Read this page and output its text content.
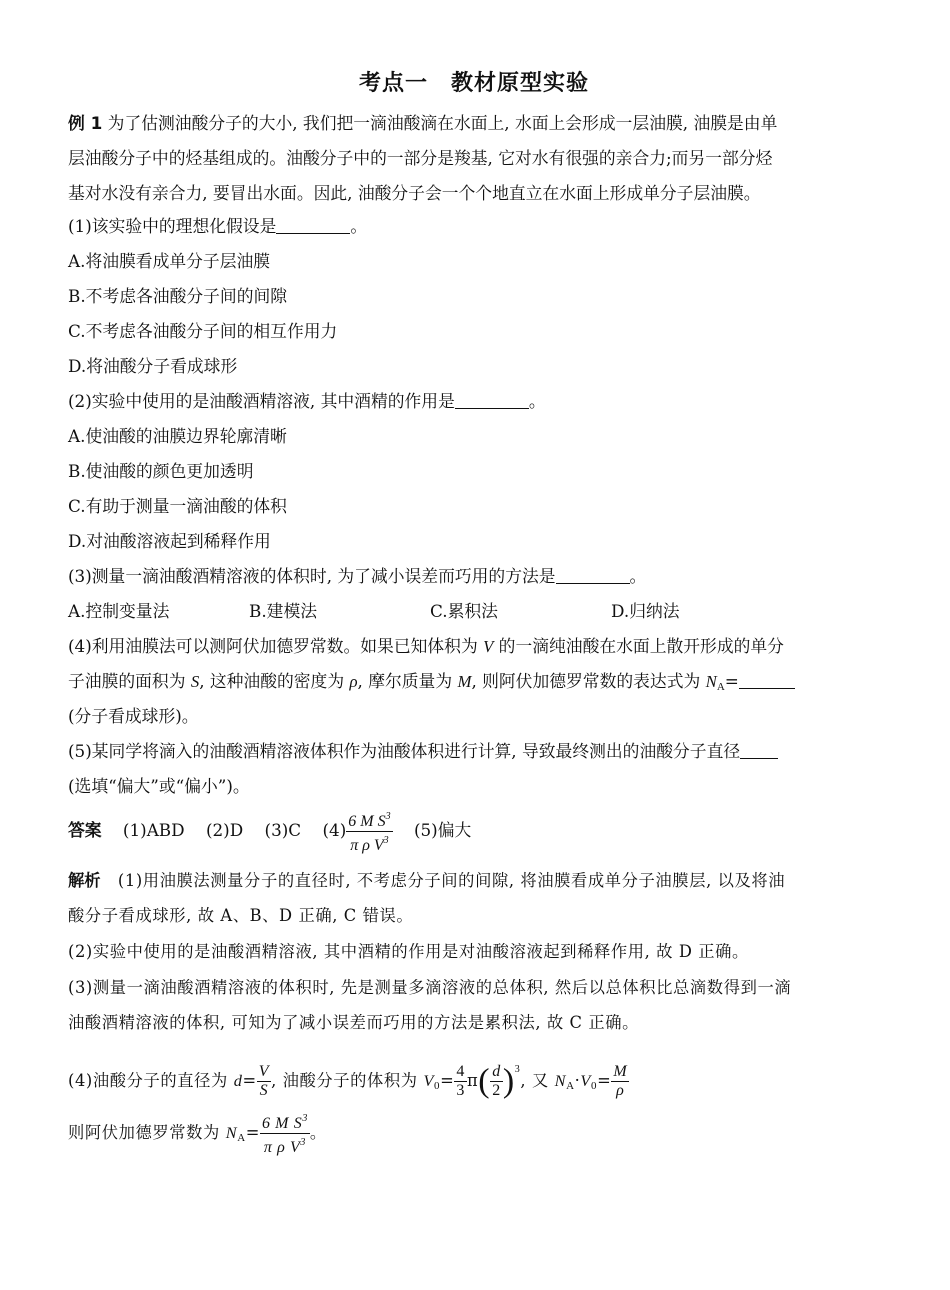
考点一　教材原型实验
例 1 为了估测油酸分子的大小, 我们把一滴油酸滴在水面上, 水面上会形成一层油膜, 油膜是由单
层油酸分子中的烃基组成的。油酸分子中的一部分是羧基, 它对水有很强的亲合力;而另一部分烃
基对水没有亲合力, 要冒出水面。因此, 油酸分子会一个个地直立在水面上形成单分子层油膜。
(1)该实验中的理想化假设是	。
A.将油膜看成单分子层油膜
B.不考虑各油酸分子间的间隙
C.不考虑各油酸分子间的相互作用力
D.将油酸分子看成球形
(2)实验中使用的是油酸酒精溶液, 其中酒精的作用是	。
A.使油酸的油膜边界轮廓清晰
B.使油酸的颜色更加透明
C.有助于测量一滴油酸的体积
D.对油酸溶液起到稀释作用
(3)测量一滴油酸酒精溶液的体积时, 为了减小误差而巧用的方法是	。
A.控制变量法	B.建模法	C.累积法	D.归纳法
(4)利用油膜法可以测阿伏加德罗常数。如果已知体积为 V 的一滴纯油酸在水面上散开形成的单分
子油膜的面积为 S, 这种油酸的密度为 ρ, 摩尔质量为 M, 则阿伏加德罗常数的表达式为 $N_A=$
(分子看成球形)。
(5)某同学将滴入的油酸酒精溶液体积作为油酸体积进行计算, 导致最终测出的油酸分子直径
(选填“偏大”或“偏小”)。
答案 (1)ABD (2)D (3)C $(4) \frac{6 M S^3}{\pi \rho V^3} (5)$偏大
解析 (1)用油膜法测量分子的直径时, 不考虑分子间的间隙, 将油膜看成单分子油膜层, 以及将油
酸分子看成球形, 故 A、B、D 正确, C 错误。
(2)实验中使用的是油酸酒精溶液, 其中酒精的作用是对油酸溶液起到稀释作用, 故 D 正确。
(3)测量一滴油酸酒精溶液的体积时, 先是测量多滴溶液的总体积, 然后以总体积比总滴数得到一滴
油酸酒精溶液的体积, 可知为了减小误差而巧用的方法是累积法, 故 C 正确。
(4)油酸分子的直径为 $d= \frac{V}{S}$ , 油酸分子的体积为 $V_0= \frac{4}{3} \pi( \frac{d}{2} )^3$, 又 $N_A\cdot V_0= \frac{M}{\rho}$
则阿伏加德罗常数为 $N_A= \frac{6 M S^3}{\pi \rho V^3}$ 。
